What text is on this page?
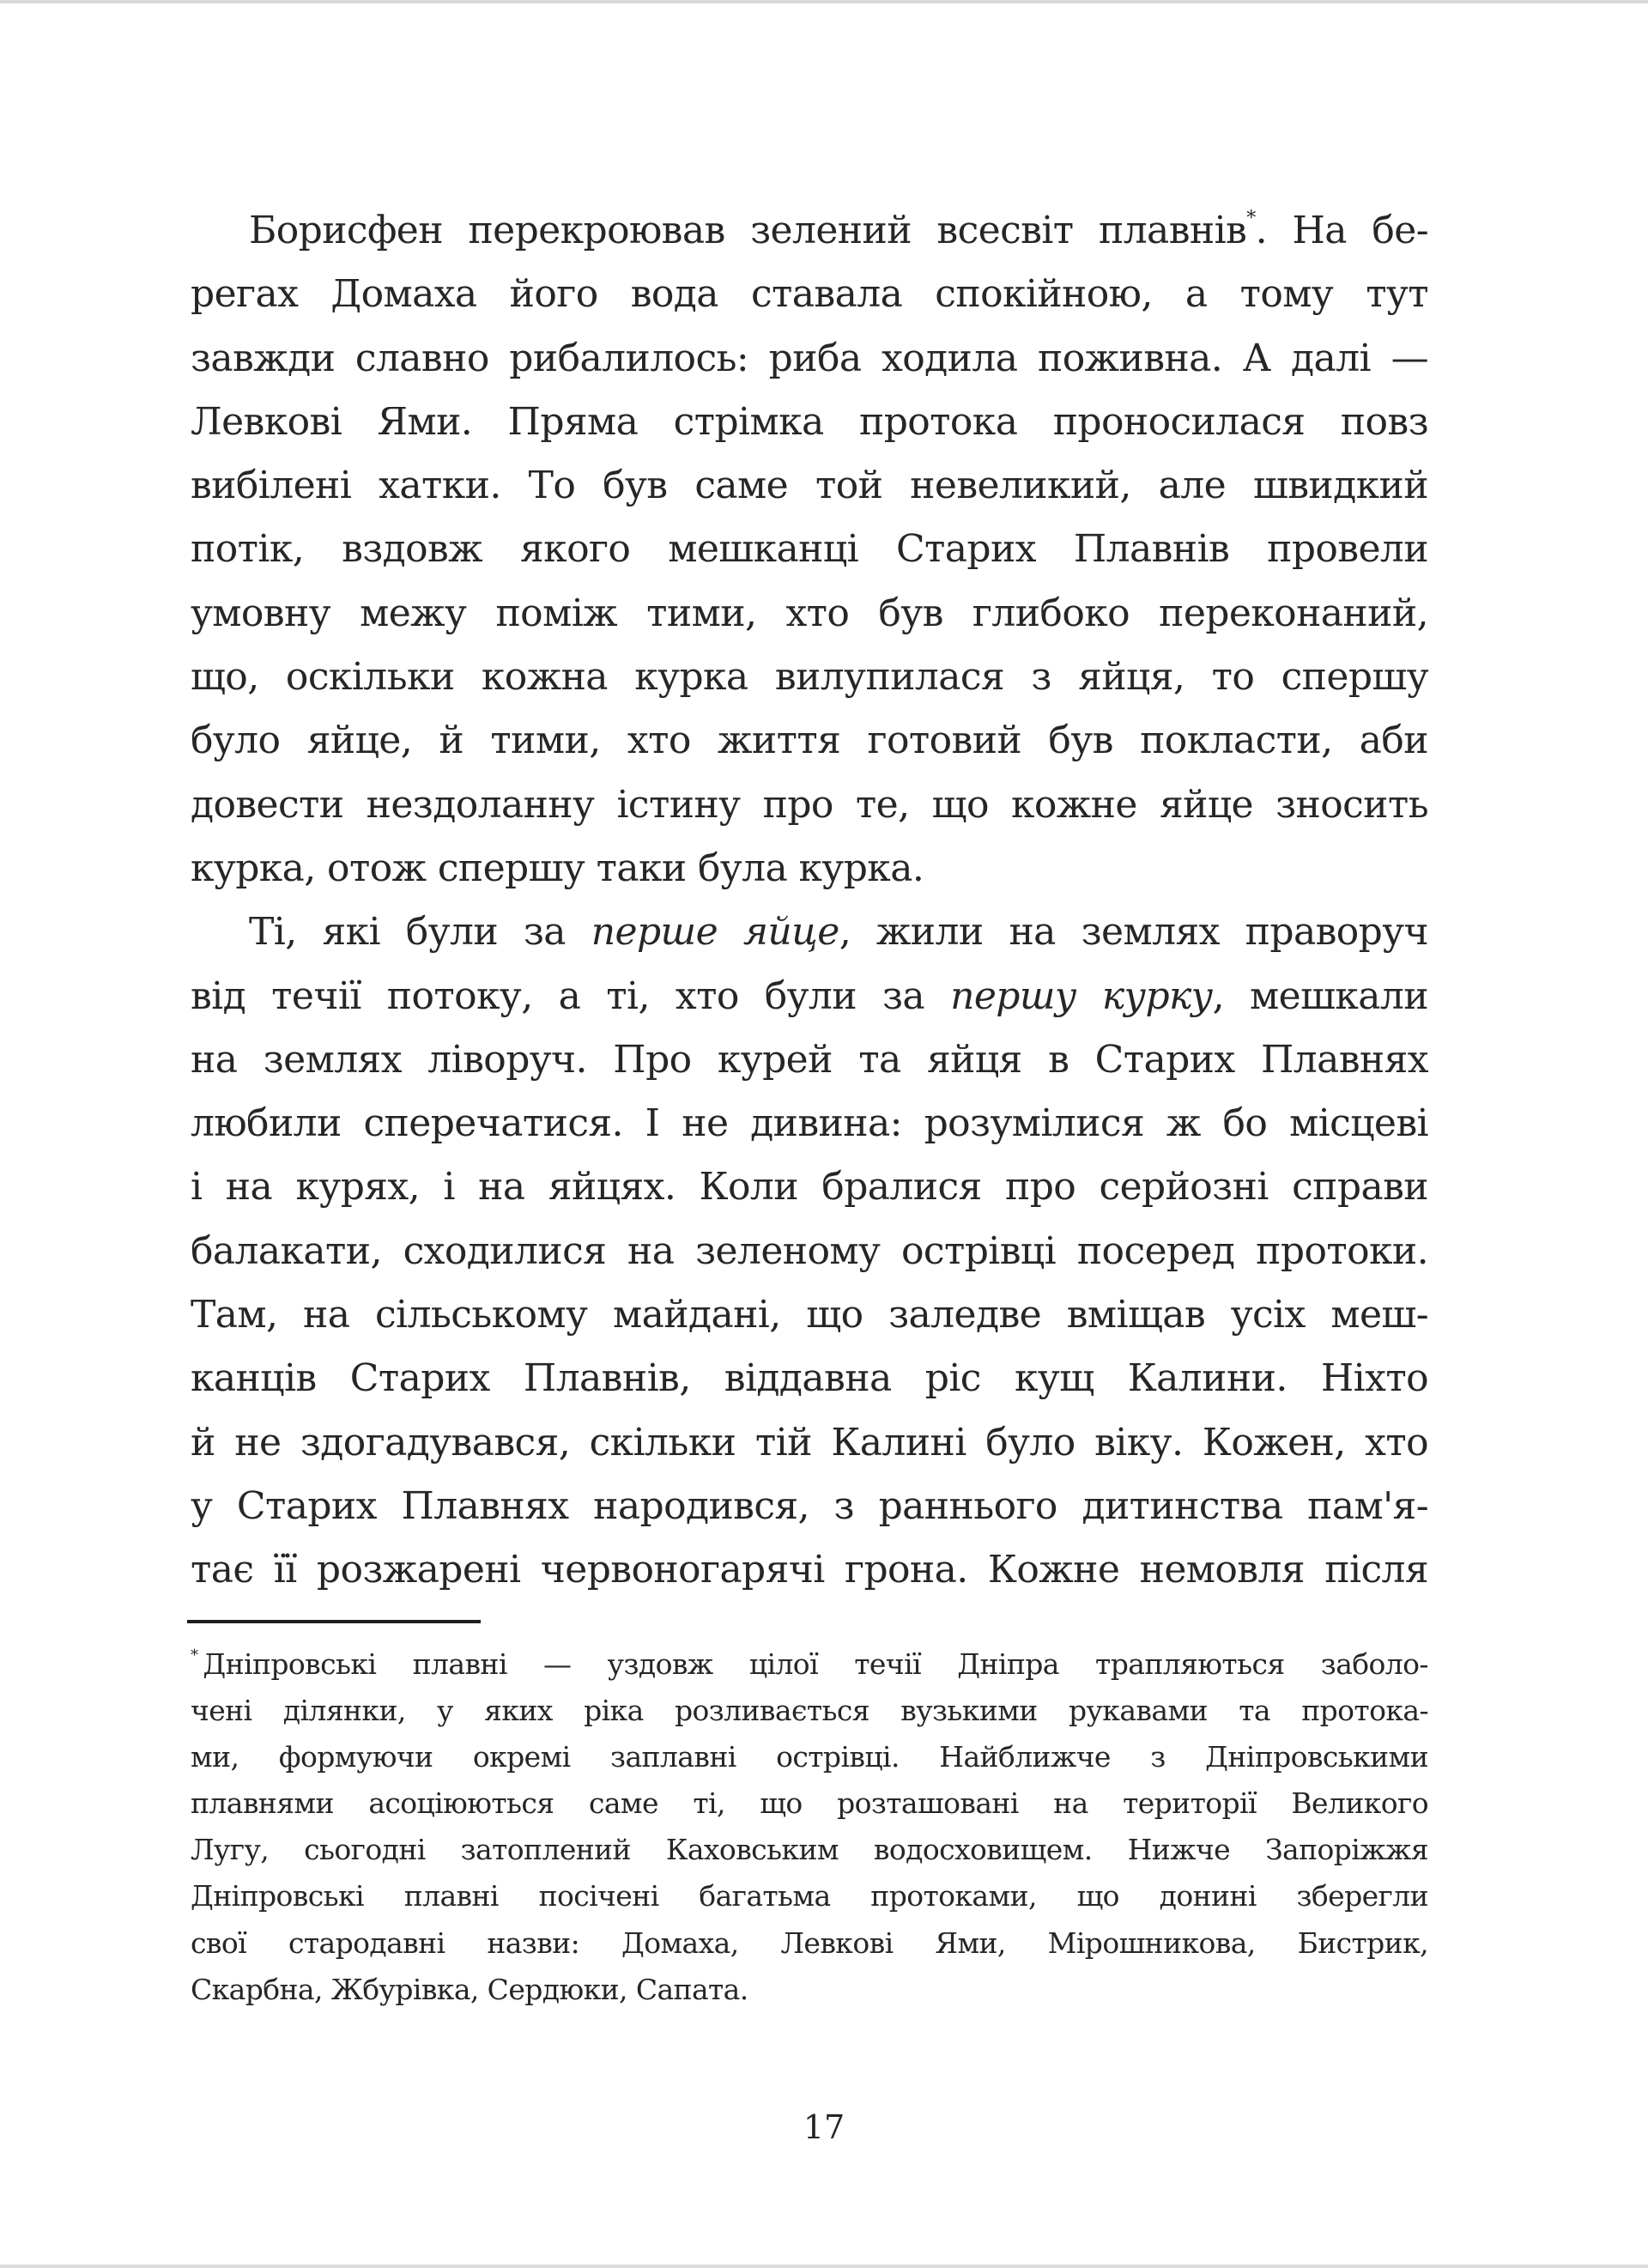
Борисфен перекроював зелений всесвіт плавнів*. На бе-
регах Домаха його вода ставала спокійною, а тому тут
завжди славно рибалилось: риба ходила поживна. А далі —
Левкові Ями. Пряма стрімка протока проносилася повз
вибілені хатки. То був саме той невеликий, але швидкий
потік, вздовж якого мешканці Старих Плавнів провели
умовну межу поміж тими, хто був глибоко переконаний,
що, оскільки кожна курка вилупилася з яйця, то спершу
було яйце, й тими, хто життя готовий був покласти, аби
довести нездоланну істину про те, що кожне яйце зносить
курка, отож спершу таки була курка.
Ті, які були за перше яйце, жили на землях праворуч
від течії потоку, а ті, хто були за першу курку, мешкали
на землях ліворуч. Про курей та яйця в Старих Плавнях
любили сперечатися. І не дивина: розумілися ж бо місцеві
і на курях, і на яйцях. Коли бралися про серйозні справи
балакати, сходилися на зеленому острівці посеред протоки.
Там, на сільському майдані, що заледве вміщав усіх меш-
канців Старих Плавнів, віддавна ріс кущ Калини. Ніхто
й не здогадувався, скільки тій Калині було віку. Кожен, хто
у Старих Плавнях народився, з раннього дитинства пам'я-
тає її розжарені червоногарячі грона. Кожне немовля після
* Дніпровські плавні — уздовж цілої течії Дніпра трапляються заболо-
чені ділянки, у яких ріка розливається вузькими рукавами та протока-
ми, формуючи окремі заплавні острівці. Найближче з Дніпровськими
плавнями асоціюються саме ті, що розташовані на території Великого
Лугу, сьогодні затоплений Каховським водосховищем. Нижче Запоріжжя
Дніпровські плавні посічені багатьма протоками, що донині зберегли
свої стародавні назви: Домаха, Левкові Ями, Мірошникова, Бистрик,
Скарбна, Жбурівка, Сердюки, Сапата.
17
